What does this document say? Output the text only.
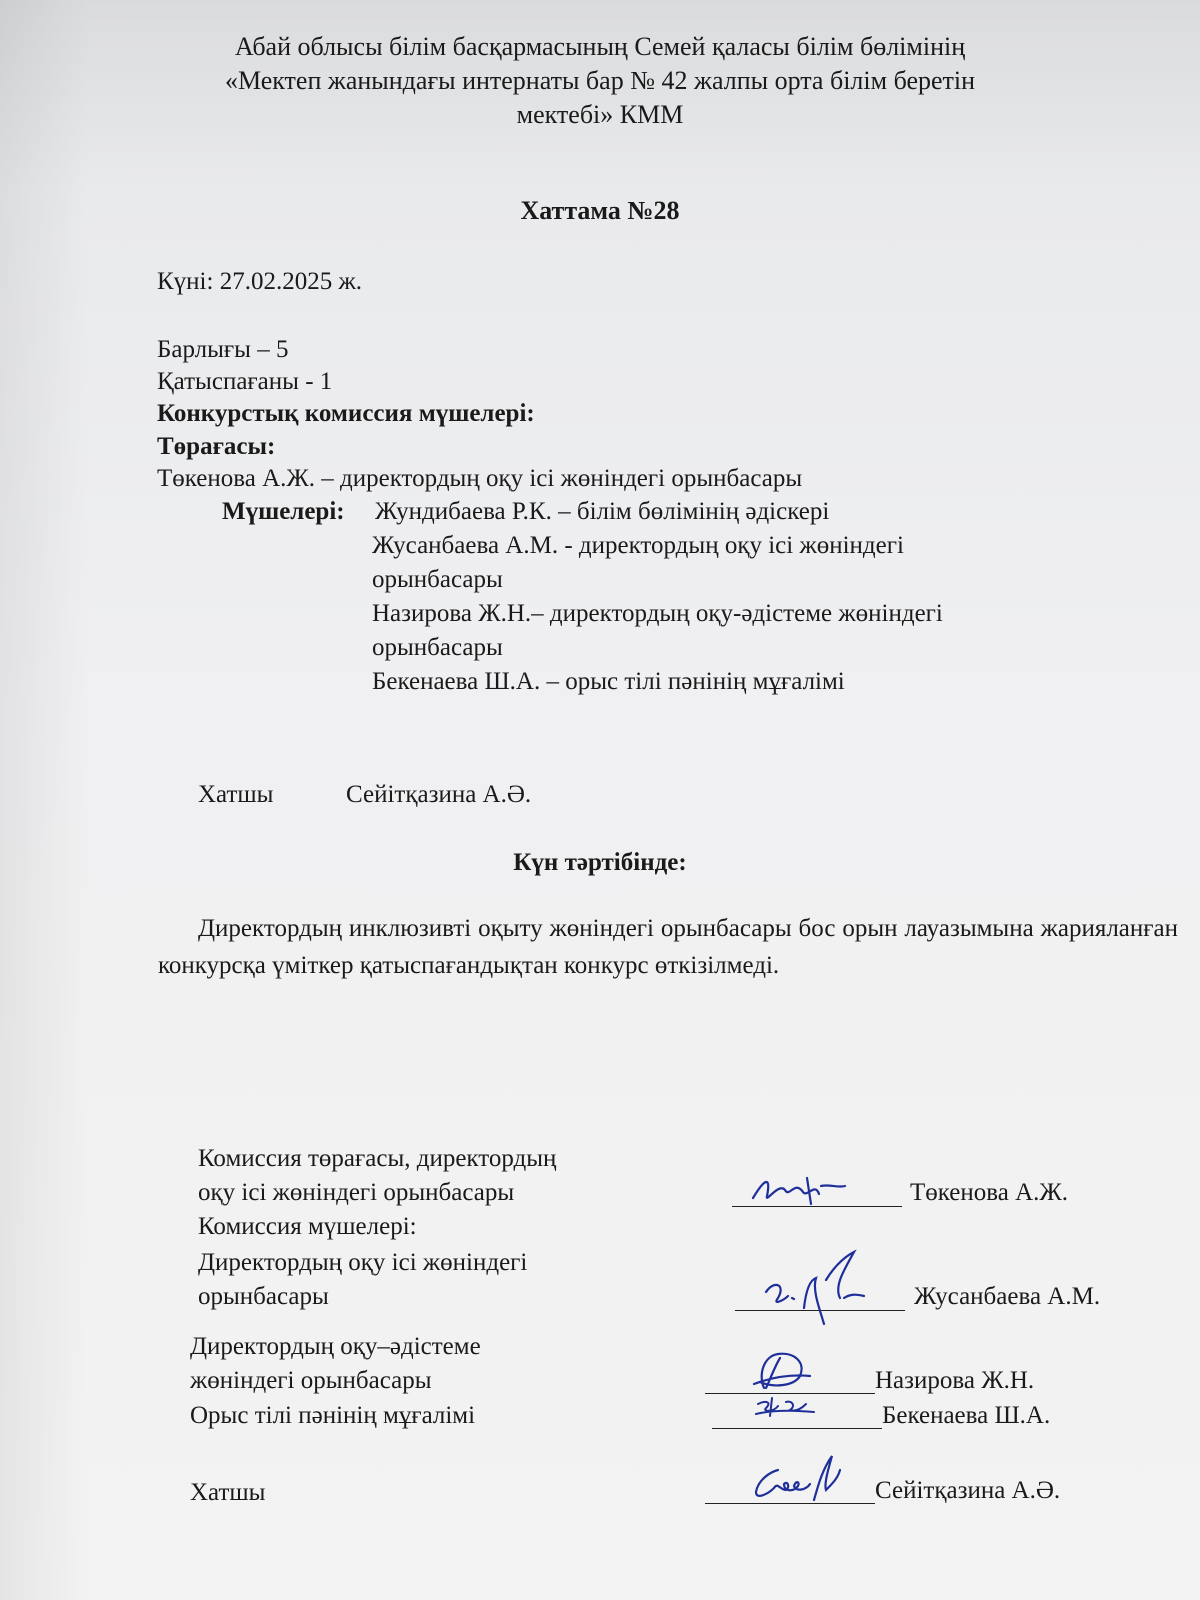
Абай облысы білім басқармасының Семей қаласы білім бөлімінің
«Мектеп жанындағы интернаты бар № 42 жалпы орта білім беретін
мектебі» КММ
Хаттама №28
Күні: 27.02.2025 ж.
Барлығы – 5
Қатыспағаны - 1
Конкурстық комиссия мүшелері:
Төрағасы:
Төкенова А.Ж. – директордың оқу ісі жөніндегі орынбасары
Мүшелері: Жундибаева Р.К. – білім бөлімінің әдіскері
Жусанбаева А.М. - директордың оқу ісі жөніндегі
орынбасары
Назирова Ж.Н.– директордың оқу-әдістеме жөніндегі
орынбасары
Бекенаева Ш.А. – орыс тілі пәнінің мұғалімі
Хатшы	Сейітқазина А.Ә.
Күн тәртібінде:
Директордың инклюзивті оқыту жөніндегі орынбасары бос орын лауазымына жарияланған конкурсқа үміткер қатыспағандықтан конкурс өткізілмеді.
Комиссия төрағасы, директордың
оқу ісі жөніндегі орынбасары	Төкенова А.Ж.
Комиссия мүшелері:
Директордың оқу ісі жөніндегі
орынбасары	Жусанбаева А.М.
Директордың оқу–әдістеме
жөніндегі орынбасары	Назирова Ж.Н.
Орыс тілі пәнінің мұғалімі	Бекенаева Ш.А.
Хатшы	Сейітқазина А.Ә.
